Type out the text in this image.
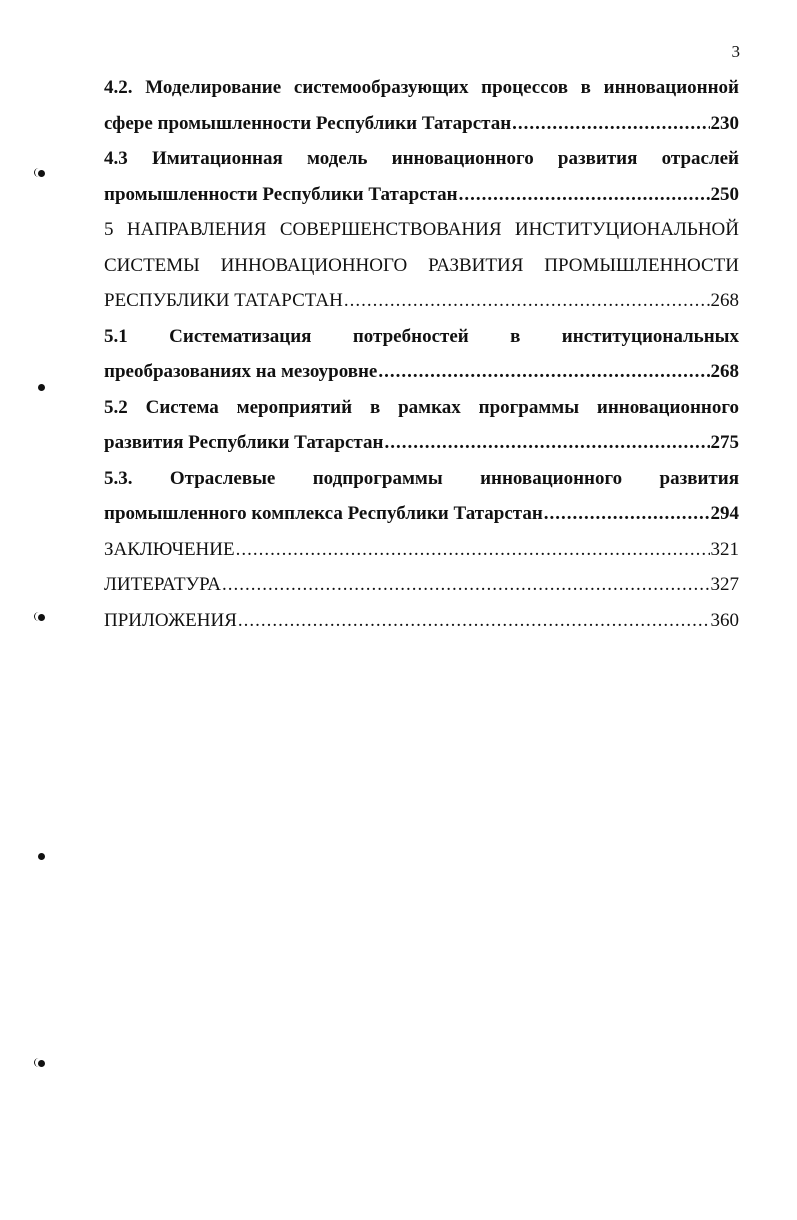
3
4.2. Моделирование системообразующих процессов в инновационной
сфере промышленности Республики Татарстан .....	230
4.3 Имитационная модель инновационного развития отраслей
промышленности Республики Татарстан .....	250
5 НАПРАВЛЕНИЯ СОВЕРШЕНСТВОВАНИЯ ИНСТИТУЦИОНАЛЬНОЙ
СИСТЕМЫ ИННОВАЦИОННОГО РАЗВИТИЯ ПРОМЫШЛЕННОСТИ
РЕСПУБЛИКИ ТАТАРСТАН .....	268
5.1 Систематизация потребностей в институциональных
преобразованиях на мезоуровне .....	268
5.2 Система мероприятий в рамках программы инновационного
развития Республики Татарстан .....	275
5.3. Отраслевые подпрограммы инновационного развития
промышленного комплекса Республики Татарстан .....	294
ЗАКЛЮЧЕНИЕ .....	321
ЛИТЕРАТУРА .....	327
ПРИЛОЖЕНИЯ .....	360
